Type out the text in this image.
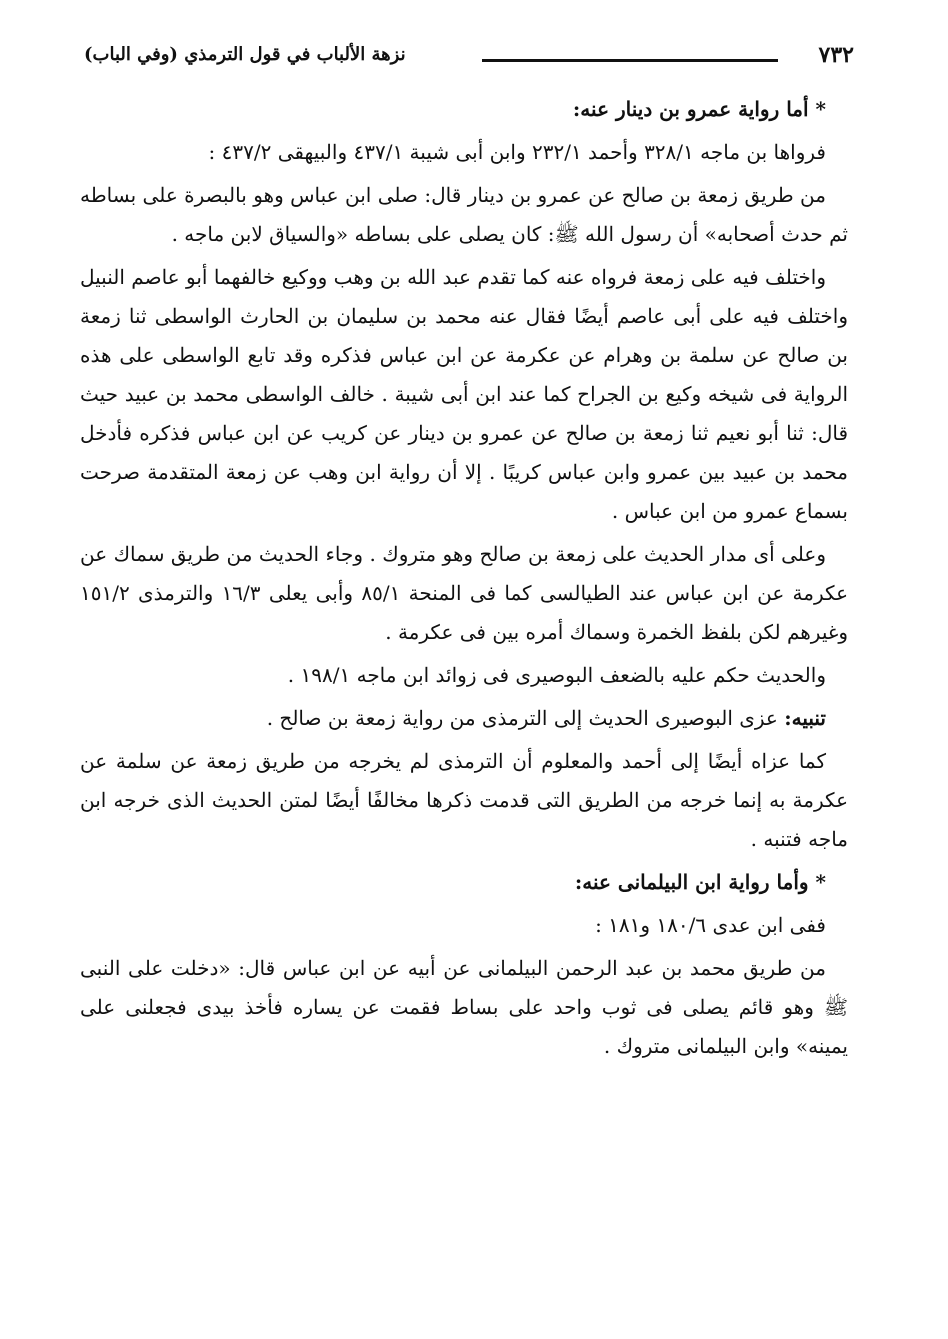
٧٣٢
نزهة الألباب في قول الترمذي (وفي الباب)

* أما رواية عمرو بن دينار عنه:

فرواها بن ماجه ٣٢٨/١ وأحمد ٢٣٢/١ وابن أبى شيبة ٤٣٧/١ والبيهقى ٤٣٧/٢ :

من طريق زمعة بن صالح عن عمرو بن دينار قال: صلى ابن عباس وهو بالبصرة على بساطه ثم حدث أصحابه» أن رسول الله ﷺ: كان يصلى على بساطه «والسياق لابن ماجه .

واختلف فيه على زمعة فرواه عنه كما تقدم عبد الله بن وهب ووكيع خالفهما أبو عاصم النبيل واختلف فيه على أبى عاصم أيضًا فقال عنه محمد بن سليمان بن الحارث الواسطى ثنا زمعة بن صالح عن سلمة بن وهرام عن عكرمة عن ابن عباس فذكره وقد تابع الواسطى على هذه الرواية فى شيخه وكيع بن الجراح كما عند ابن أبى شيبة . خالف الواسطى محمد بن عبيد حيث قال: ثنا أبو نعيم ثنا زمعة بن صالح عن عمرو بن دينار عن كريب عن ابن عباس فذكره فأدخل محمد بن عبيد بين عمرو وابن عباس كريبًا . إلا أن رواية ابن وهب عن زمعة المتقدمة صرحت بسماع عمرو من ابن عباس .

وعلى أى مدار الحديث على زمعة بن صالح وهو متروك . وجاء الحديث من طريق سماك عن عكرمة عن ابن عباس عند الطيالسى كما فى المنحة ٨٥/١ وأبى يعلى ١٦/٣ والترمذى ١٥١/٢ وغيرهم لكن بلفظ الخمرة وسماك أمره بين فى عكرمة .

والحديث حكم عليه بالضعف البوصيرى فى زوائد ابن ماجه ١٩٨/١ .

تنبيه: عزى البوصيرى الحديث إلى الترمذى من رواية زمعة بن صالح .

كما عزاه أيضًا إلى أحمد والمعلوم أن الترمذى لم يخرجه من طريق زمعة عن سلمة عن عكرمة به إنما خرجه من الطريق التى قدمت ذكرها مخالفًا أيضًا لمتن الحديث الذى خرجه ابن ماجه فتنبه .

* وأما رواية ابن البيلمانى عنه:

ففى ابن عدى ١٨٠/٦ و١٨١ :

من طريق محمد بن عبد الرحمن البيلمانى عن أبيه عن ابن عباس قال: «دخلت على النبى ﷺ وهو قائم يصلى فى ثوب واحد على بساط فقمت عن يساره فأخذ بيدى فجعلنى على يمينه» وابن البيلمانى متروك .
